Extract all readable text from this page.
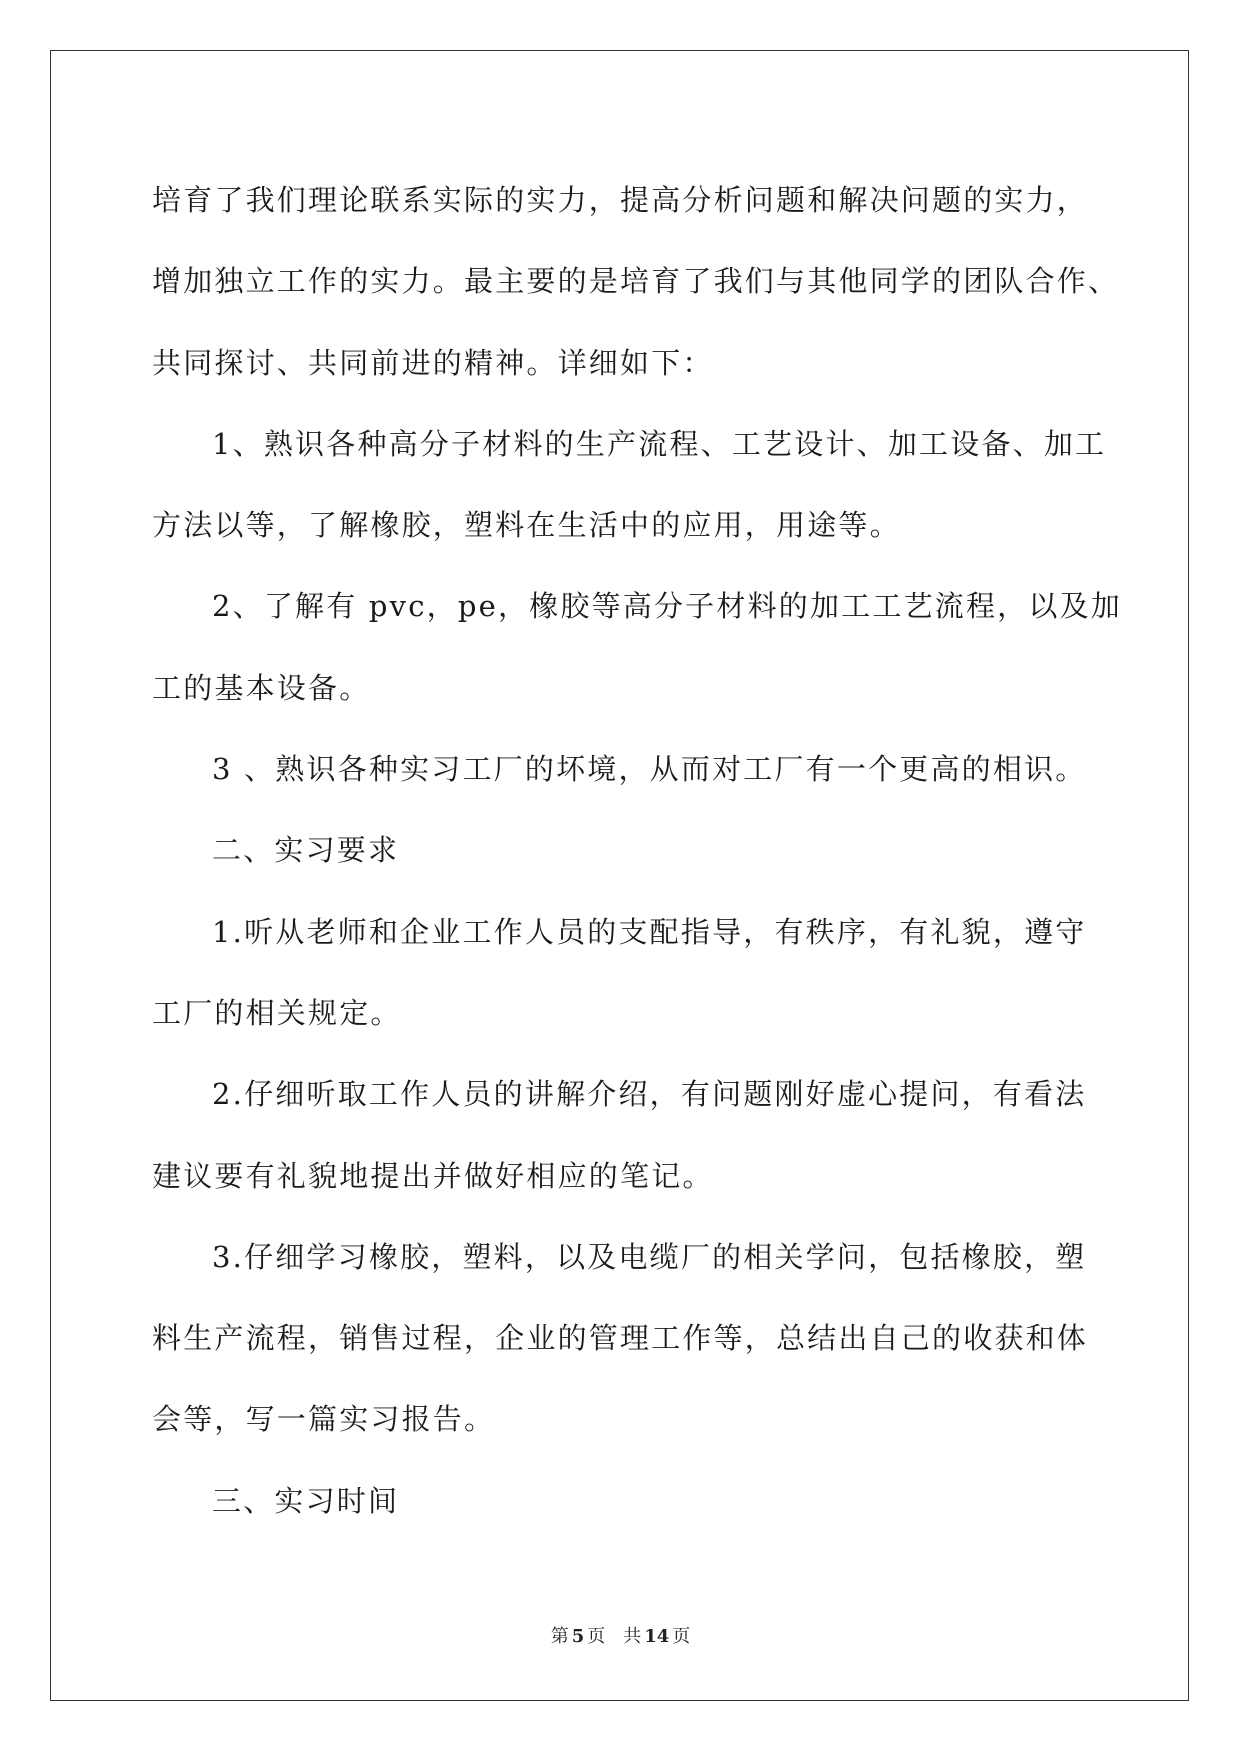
培育了我们理论联系实际的实力，提高分析问题和解决问题的实力，

增加独立工作的实力。最主要的是培育了我们与其他同学的团队合作、

共同探讨、共同前进的精神。详细如下：

1、熟识各种高分子材料的生产流程、工艺设计、加工设备、加工

方法以等，了解橡胶，塑料在生活中的应用，用途等。

2、了解有 pvc，pe，橡胶等高分子材料的加工工艺流程，以及加

工的基本设备。

3 、熟识各种实习工厂的坏境，从而对工厂有一个更高的相识。

二、实习要求

1.听从老师和企业工作人员的支配指导，有秩序，有礼貌，遵守

工厂的相关规定。

2.仔细听取工作人员的讲解介绍，有问题刚好虚心提问，有看法

建议要有礼貌地提出并做好相应的笔记。

3.仔细学习橡胶，塑料，以及电缆厂的相关学问，包括橡胶，塑

料生产流程，销售过程，企业的管理工作等，总结出自己的收获和体

会等，写一篇实习报告。

三、实习时间

第 5 页 共 14 页
